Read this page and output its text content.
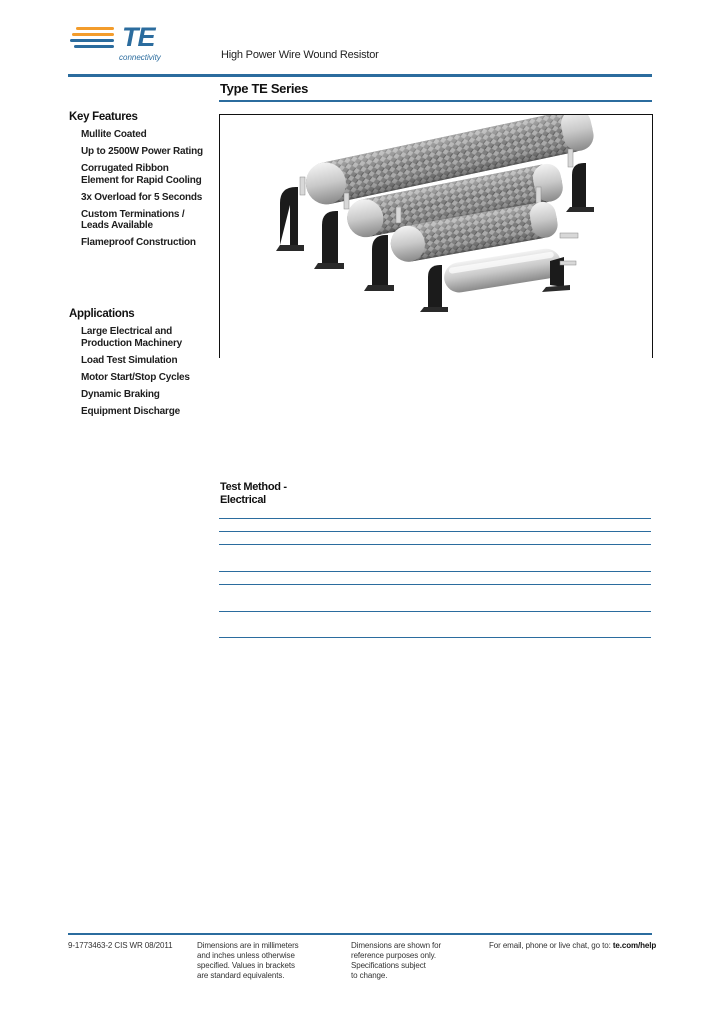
TE
connectivity	High Power Wire Wound Resistor
Type TE Series
Key Features
Mullite Coated
Up to 2500W Power Rating
Corrugated Ribbon Element for Rapid Cooling
3x Overload for 5 Seconds
Custom Terminations / Leads Available
Flameproof Construction
Applications
Large Electrical and Production Machinery
Load Test Simulation
Motor Start/Stop Cycles
Dynamic Braking
Equipment Discharge
Test Method -
Electrical
9-1773463-2 CIS WR 08/2011	Dimensions are in millimeters
and inches unless otherwise
specified. Values in brackets
are standard equivalents.
Dimensions are shown for
reference purposes only.
Specifications subject
to change.
For email, phone or live chat, go to: te.com/help
